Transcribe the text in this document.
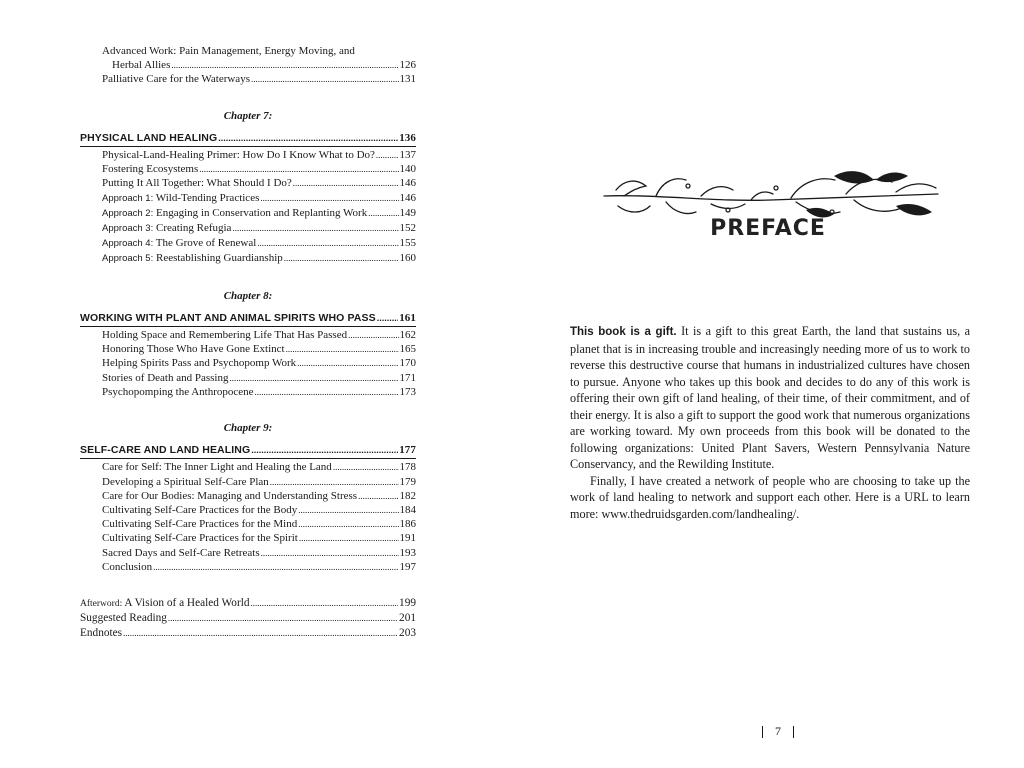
Advanced Work: Pain Management, Energy Moving, and
Herbal Allies .....	126
Palliative Care for the Waterways .....	131
Chapter 7:
PHYSICAL LAND HEALING .....	136
Physical-Land-Healing Primer: How Do I Know What to Do? ..... 137
Fostering Ecosystems .....	140
Putting It All Together: What Should I Do? .....	146
Approach 1: Wild-Tending Practices .....	146
Approach 2: Engaging in Conservation and Replanting Work .....	149
Approach 3: Creating Refugia .....	152
Approach 4: The Grove of Renewal .....	155
Approach 5: Reestablishing Guardianship .....	160
Chapter 8:
WORKING WITH PLANT AND ANIMAL SPIRITS WHO PASS ..... 161
Holding Space and Remembering Life That Has Passed .....	162
Honoring Those Who Have Gone Extinct .....	165
Helping Spirits Pass and Psychopomp Work .....	170
Stories of Death and Passing .....	171
Psychopomping the Anthropocene .....	173
Chapter 9:
SELF-CARE AND LAND HEALING .....	177
Care for Self: The Inner Light and Healing the Land .....	178
Developing a Spiritual Self-Care Plan .....	179
Care for Our Bodies: Managing and Understanding Stress .....	182
Cultivating Self-Care Practices for the Body .....	184
Cultivating Self-Care Practices for the Mind .....	186
Cultivating Self-Care Practices for the Spirit .....	191
Sacred Days and Self-Care Retreats .....	193
Conclusion .....	197
Afterword: A Vision of a Healed World .....	199
Suggested Reading .....	201
Endnotes .....	203
PREFACE

This book is a gift. It is a gift to this great Earth, the land that sustains us, a planet that is in increasing trouble and increasingly needing more of us to work to reverse this destructive course that humans in industrialized cultures have chosen to pursue. Anyone who takes up this book and decides to do any of this work is offering their own gift of land healing, of their time, of their commitment, and of their energy. It is also a gift to support the good work that numerous organizations are working toward. My own proceeds from this book will be donated to the following organizations: United Plant Savers, Western Pennsylvania Nature Conservancy, and the Rewilding Institute.

Finally, I have created a network of people who are choosing to take up the work of land healing to network and support each other. Here is a URL to learn more: www.thedruidsgarden.com/landhealing/.

7
